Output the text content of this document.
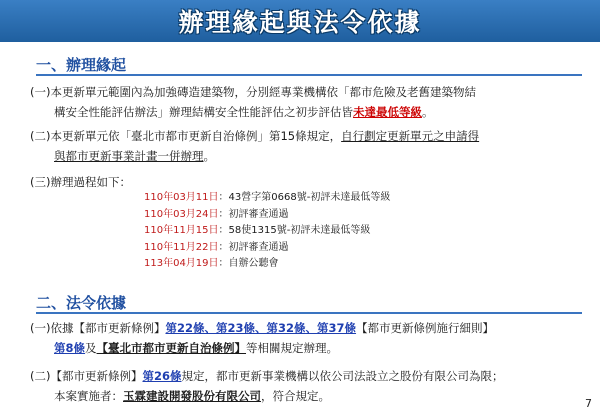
辦理緣起與法令依據
一、辦理緣起
(一)本更新單元範圍內為加強磚造建築物，分別經專業機構依「都市危險及老舊建築物結
構安全性能評估辦法」辦理結構安全性能評估之初步評估皆未達最低等級。
(二)本更新單元依「臺北市都市更新自治條例」第15條規定，自行劃定更新單元之申請得
與都市更新事業計畫一併辦理。
(三)辦理過程如下：
110年03月11日：43營字第0668號-初評未達最低等級
110年03月24日：初評審查通過
110年11月15日：58使1315號-初評未達最低等級
110年11月22日：初評審查通過
113年04月19日：自辦公聽會
二、法令依據
(一)依據【都市更新條例】第22條、第23條、第32條、第37條【都市更新條例施行細則】
第8條及【臺北市都市更新自治條例】等相關規定辦理。
(二)【都市更新條例】第26條規定，都市更新事業機構以依公司法設立之股份有限公司為限；
本案實施者：玉霖建設開發股份有限公司，符合規定。
7
